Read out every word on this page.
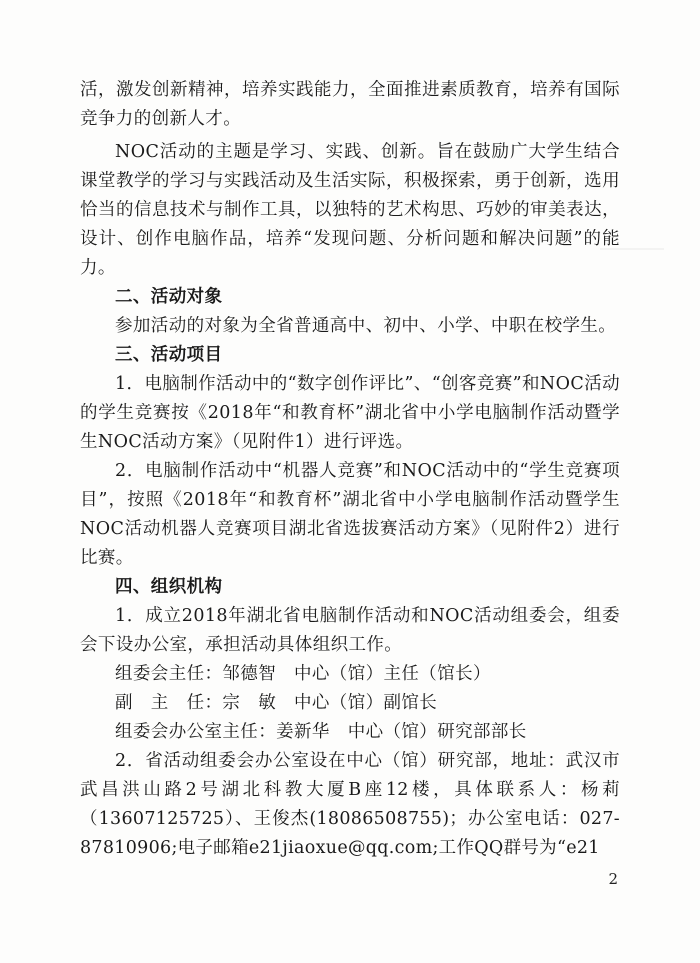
活，激发创新精神，培养实践能力，全面推进素质教育，培养有国际竞争力的创新人才。

NOC活动的主题是学习、实践、创新。旨在鼓励广大学生结合课堂教学的学习与实践活动及生活实际，积极探索，勇于创新，选用恰当的信息技术与制作工具，以独特的艺术构思、巧妙的审美表达，设计、创作电脑作品，培养“发现问题、分析问题和解决问题”的能力。

二、活动对象

参加活动的对象为全省普通高中、初中、小学、中职在校学生。

三、活动项目

1．电脑制作活动中的“数字创作评比”、“创客竞赛”和NOC活动的学生竞赛按《2018年“和教育杯”湖北省中小学电脑制作活动暨学生NOC活动方案》（见附件1）进行评选。

2．电脑制作活动中“机器人竞赛”和NOC活动中的“学生竞赛项目”，按照《2018年“和教育杯”湖北省中小学电脑制作活动暨学生NOC活动机器人竞赛项目湖北省选拔赛活动方案》（见附件2）进行比赛。

四、组织机构

1．成立2018年湖北省电脑制作活动和NOC活动组委会，组委会下设办公室，承担活动具体组织工作。

组委会主任：邹德智　中心（馆）主任（馆长）

副　主　任：宗　敏　中心（馆）副馆长

组委会办公室主任：姜新华　中心（馆）研究部部长

2．省活动组委会办公室设在中心（馆）研究部，地址：武汉市武昌洪山路2号湖北科教大厦B座12楼，具体联系人：杨莉（13607125725）、王俊杰(18086508755)；办公室电话：027-87810906;电子邮箱e21jiaoxue@qq.com;工作QQ群号为“e21

2
